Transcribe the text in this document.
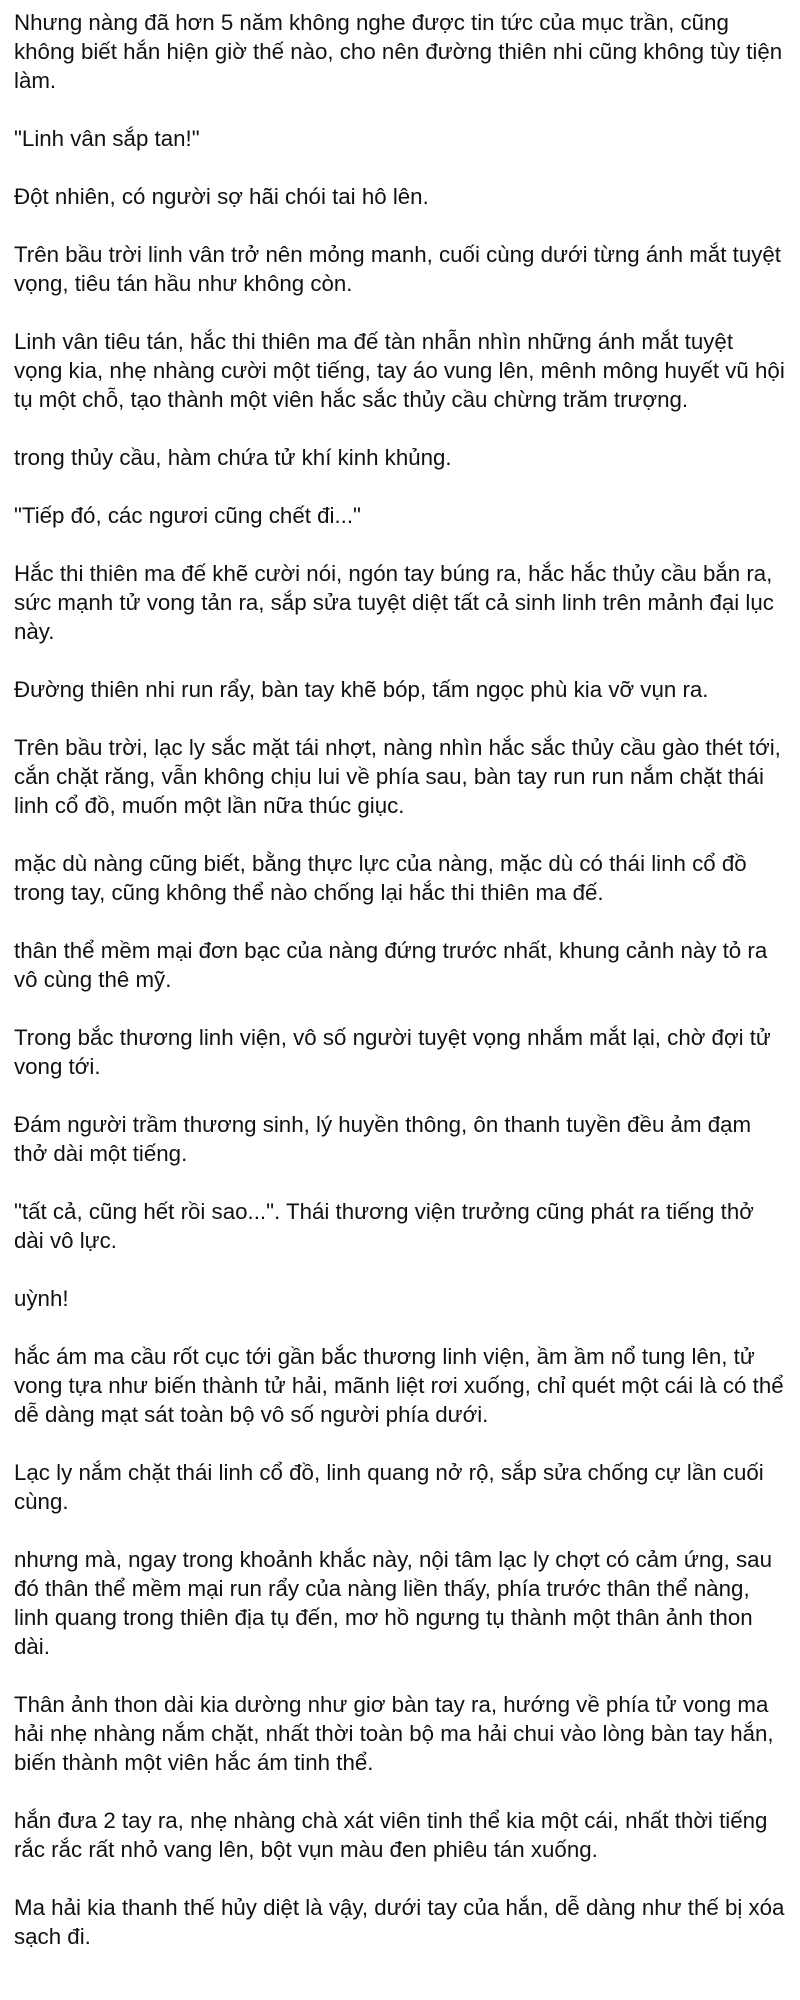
Nhưng nàng đã hơn 5 năm không nghe được tin tức của mục trần, cũng không biết hắn hiện giờ thế nào, cho nên đường thiên nhi cũng không tùy tiện làm.

"Linh vân sắp tan!"

Đột nhiên, có người sợ hãi chói tai hô lên.

Trên bầu trời linh vân trở nên mỏng manh, cuối cùng dưới từng ánh mắt tuyệt vọng, tiêu tán hầu như không còn.

Linh vân tiêu tán, hắc thi thiên ma đế tàn nhẫn nhìn những ánh mắt tuyệt vọng kia, nhẹ nhàng cười một tiếng, tay áo vung lên, mênh mông huyết vũ hội tụ một chỗ, tạo thành một viên hắc sắc thủy cầu chừng trăm trượng.

trong thủy cầu, hàm chứa tử khí kinh khủng.

"Tiếp đó, các ngươi cũng chết đi..."

Hắc thi thiên ma đế khẽ cười nói, ngón tay búng ra, hắc hắc thủy cầu bắn ra, sức mạnh tử vong tản ra, sắp sửa tuyệt diệt tất cả sinh linh trên mảnh đại lục này.

Đường thiên nhi run rẩy, bàn tay khẽ bóp, tấm ngọc phù kia vỡ vụn ra.

Trên bầu trời, lạc ly sắc mặt tái nhợt, nàng nhìn hắc sắc thủy cầu gào thét tới, cắn chặt răng, vẫn không chịu lui về phía sau, bàn tay run run nắm chặt thái linh cổ đồ, muốn một lần nữa thúc giục.

mặc dù nàng cũng biết, bằng thực lực của nàng, mặc dù có thái linh cổ đồ trong tay, cũng không thể nào chống lại hắc thi thiên ma đế.

thân thể mềm mại đơn bạc của nàng đứng trước nhất, khung cảnh này tỏ ra vô cùng thê mỹ.

Trong bắc thương linh viện, vô số người tuyệt vọng nhắm mắt lại, chờ đợi tử vong tới.

Đám người trầm thương sinh, lý huyền thông, ôn thanh tuyền đều ảm đạm thở dài một tiếng.

"tất cả, cũng hết rồi sao...". Thái thương viện trưởng cũng phát ra tiếng thở dài vô lực.

uỳnh!

hắc ám ma cầu rốt cục tới gần bắc thương linh viện, ầm ầm nổ tung lên, tử vong tựa như biến thành tử hải, mãnh liệt rơi xuống, chỉ quét một cái là có thể dễ dàng mạt sát toàn bộ vô số người phía dưới.

Lạc ly nắm chặt thái linh cổ đồ, linh quang nở rộ, sắp sửa chống cự lần cuối cùng.

nhưng mà, ngay trong khoảnh khắc này, nội tâm lạc ly chợt có cảm ứng, sau đó thân thể mềm mại run rẩy của nàng liền thấy, phía trước thân thể nàng, linh quang trong thiên địa tụ đến, mơ hồ ngưng tụ thành một thân ảnh thon dài.

Thân ảnh thon dài kia dường như giơ bàn tay ra, hướng về phía tử vong ma hải nhẹ nhàng nắm chặt, nhất thời toàn bộ ma hải chui vào lòng bàn tay hắn, biến thành một viên hắc ám tinh thể.

hắn đưa 2 tay ra, nhẹ nhàng chà xát viên tinh thể kia một cái, nhất thời tiếng rắc rắc rất nhỏ vang lên, bột vụn màu đen phiêu tán xuống.

Ma hải kia thanh thế hủy diệt là vậy, dưới tay của hắn, dễ dàng như thế bị xóa sạch đi.
